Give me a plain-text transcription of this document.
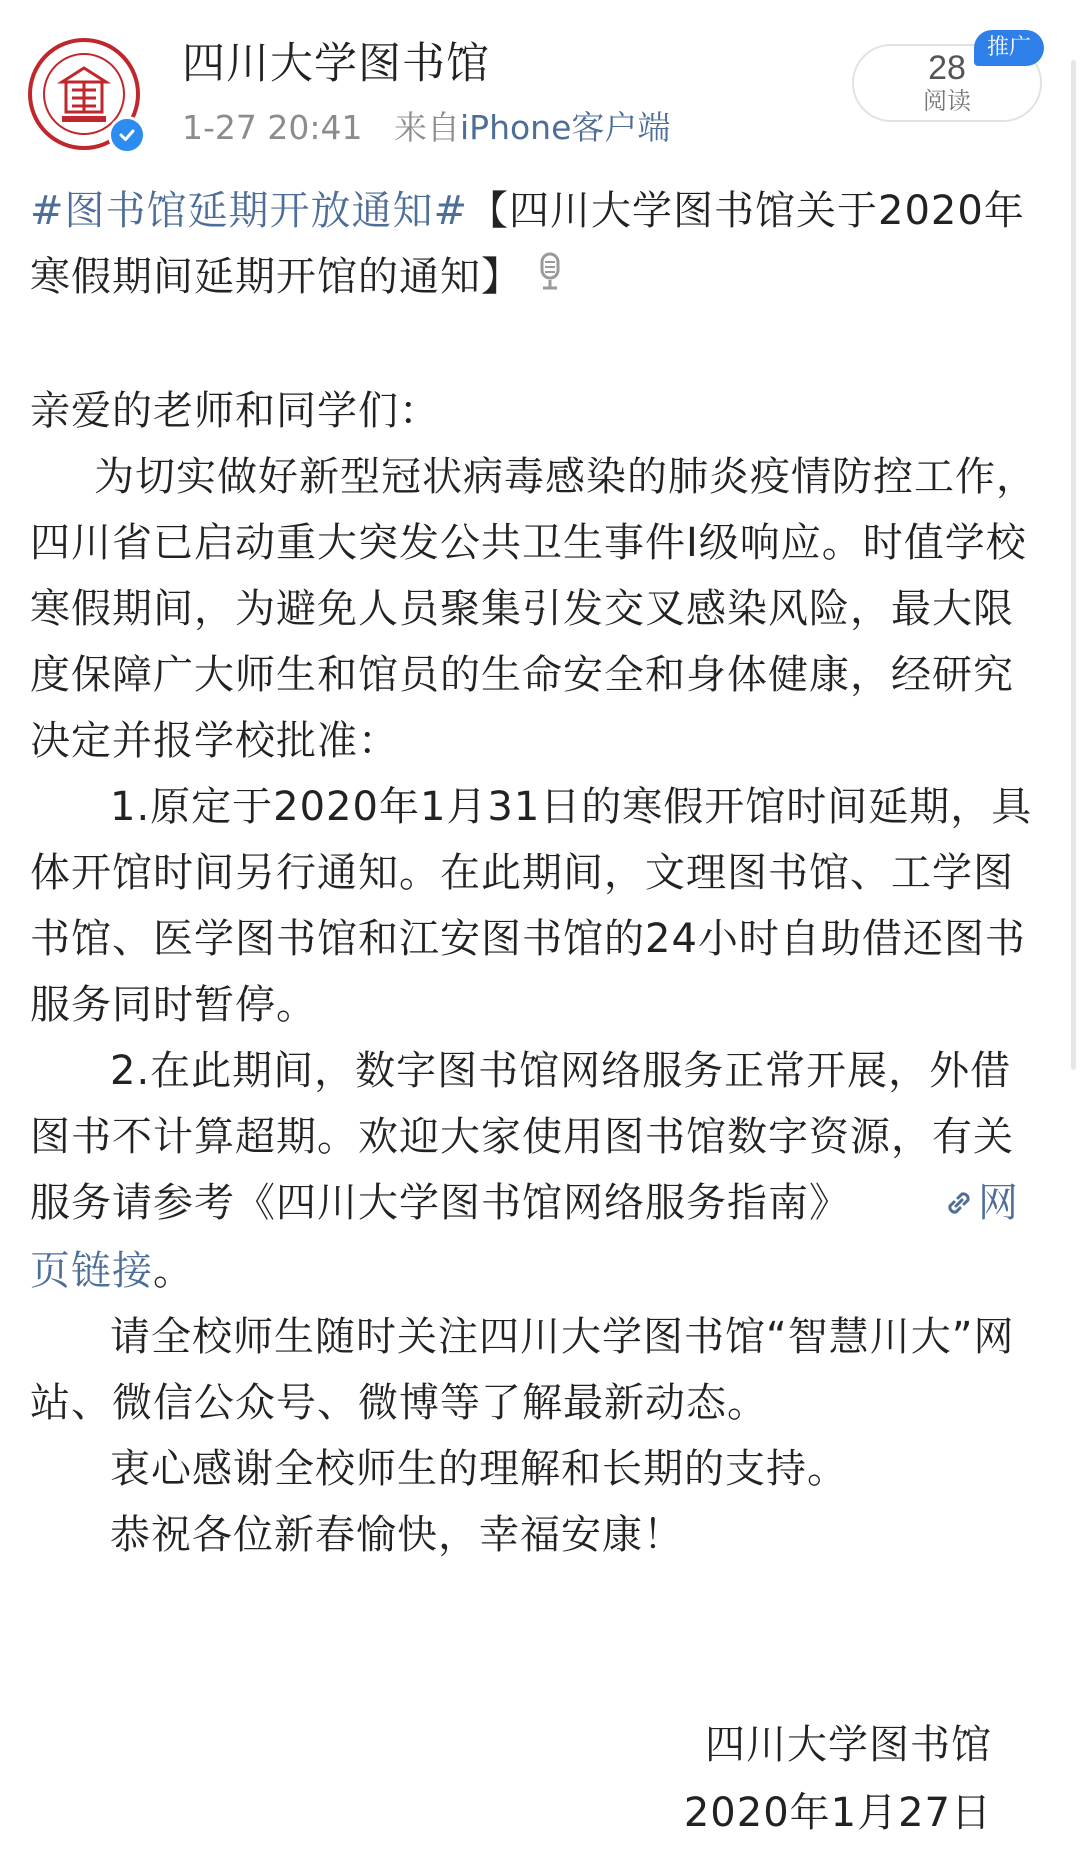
四川大学图书馆
1-27 20:41 来自iPhone客户端
28
阅读
推广

#图书馆延期开放通知#【四川大学图书馆关于2020年寒假期间延期开馆的通知】

亲爱的老师和同学们：

为切实做好新型冠状病毒感染的肺炎疫情防控工作，四川省已启动重大突发公共卫生事件Ⅰ级响应。时值学校寒假期间，为避免人员聚集引发交叉感染风险，最大限度保障广大师生和馆员的生命安全和身体健康，经研究决定并报学校批准：

1.原定于2020年1月31日的寒假开馆时间延期，具体开馆时间另行通知。在此期间，文理图书馆、工学图书馆、医学图书馆和江安图书馆的24小时自助借还图书服务同时暂停。

2.在此期间，数字图书馆网络服务正常开展，外借图书不计算超期。欢迎大家使用图书馆数字资源，有关服务请参考《四川大学图书馆网络服务指南》	网页链接。

请全校师生随时关注四川大学图书馆“智慧川大”网站、微信公众号、微博等了解最新动态。

衷心感谢全校师生的理解和长期的支持。

恭祝各位新春愉快，幸福安康！

四川大学图书馆
2020年1月27日
